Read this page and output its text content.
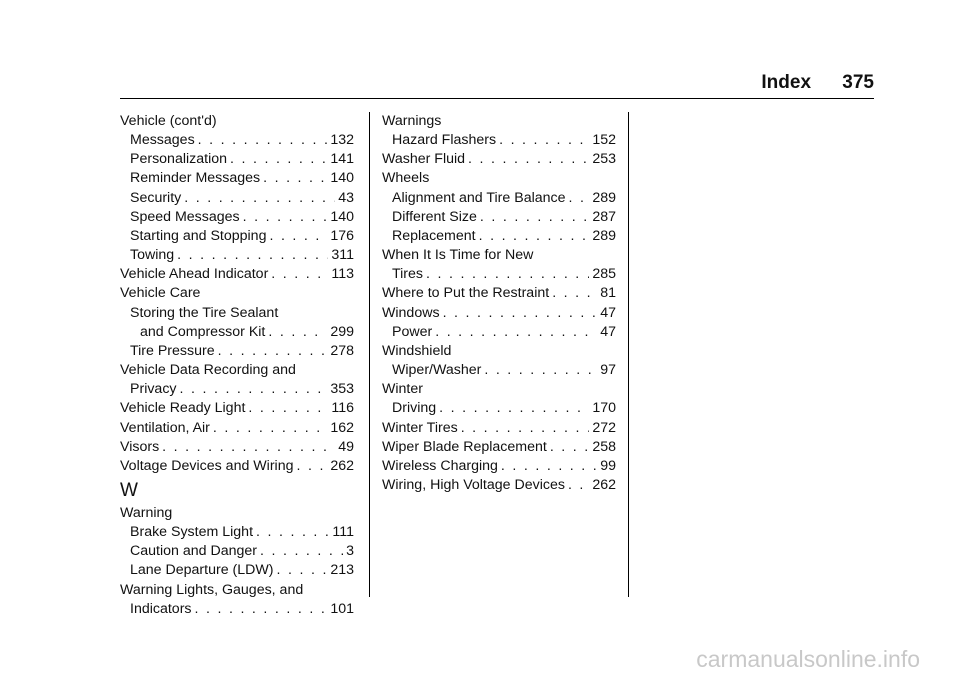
Index 375
Vehicle (cont'd)
Messages . . .	132
Personalization . . .	141
Reminder Messages . . .	140
Security . . .	43
Speed Messages . . .	140
Starting and Stopping . . .	176
Towing . . .	311
Vehicle Ahead Indicator . . .	113
Vehicle Care
Storing the Tire Sealant
and Compressor Kit . . .	299
Tire Pressure . . .	278
Vehicle Data Recording and
Privacy . . .	353
Vehicle Ready Light . . .	116
Ventilation, Air . . .	162
Visors . . .	49
Voltage Devices and Wiring . . .	262
W
Warning
Brake System Light . . .	111
Caution and Danger . . .	3
Lane Departure (LDW) . . .	213
Warning Lights, Gauges, and
Indicators . . .	101
Warnings
Hazard Flashers . . .	152
Washer Fluid . . .	253
Wheels
Alignment and Tire Balance . . . 289
Different Size . . .	287
Replacement . . .	289
When It Is Time for New
Tires . . .	285
Where to Put the Restraint . . .	81
Windows . . .	47
Power . . .	47
Windshield
Wiper/Washer . . .	97
Winter
Driving . . .	170
Winter Tires . . .	272
Wiper Blade Replacement . . .	258
Wireless Charging . . .	99
Wiring, High Voltage Devices . . . 262
carmanualsonline.info
